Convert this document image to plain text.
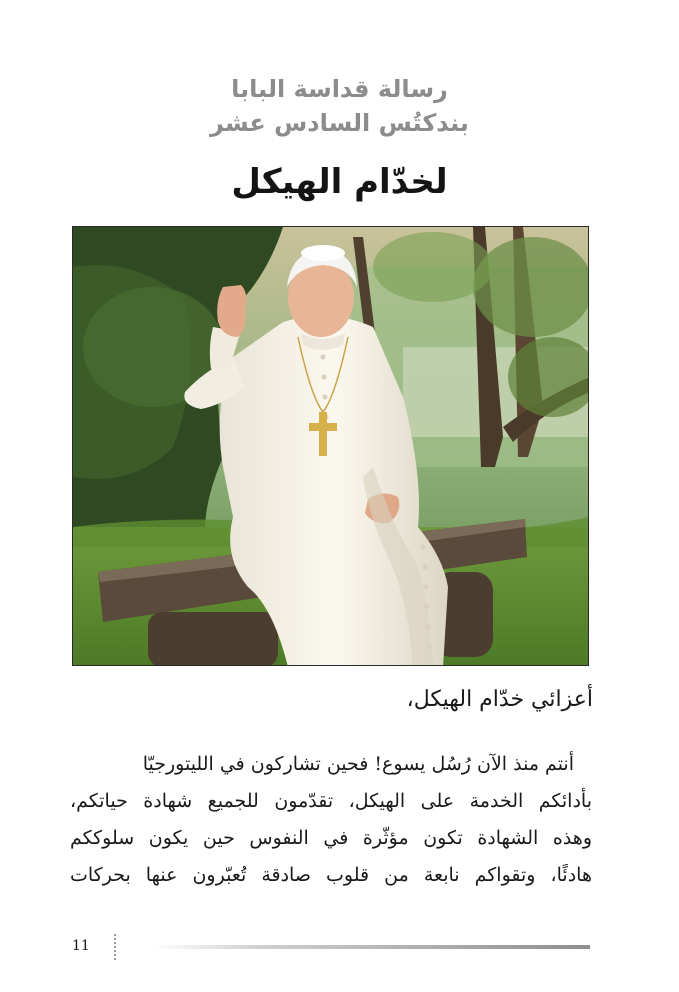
رسالة قداسة البابا
بندكتُس السادس عشر
لخدّام الهيكل
أعزائي خدّام الهيكل،
أنتم منذ الآن رُسُل يسوع! فحين تشاركون في الليتورجيّا
بأدائكم الخدمة على الهيكل، تقدّمون للجميع شهادة حياتكم،
وهذه الشهادة تكون مؤثّرة في النفوس حين يكون سلوككم
هادئًا، وتقواكم نابعة من قلوب صادقة تُعبّرون عنها بحركات
11
